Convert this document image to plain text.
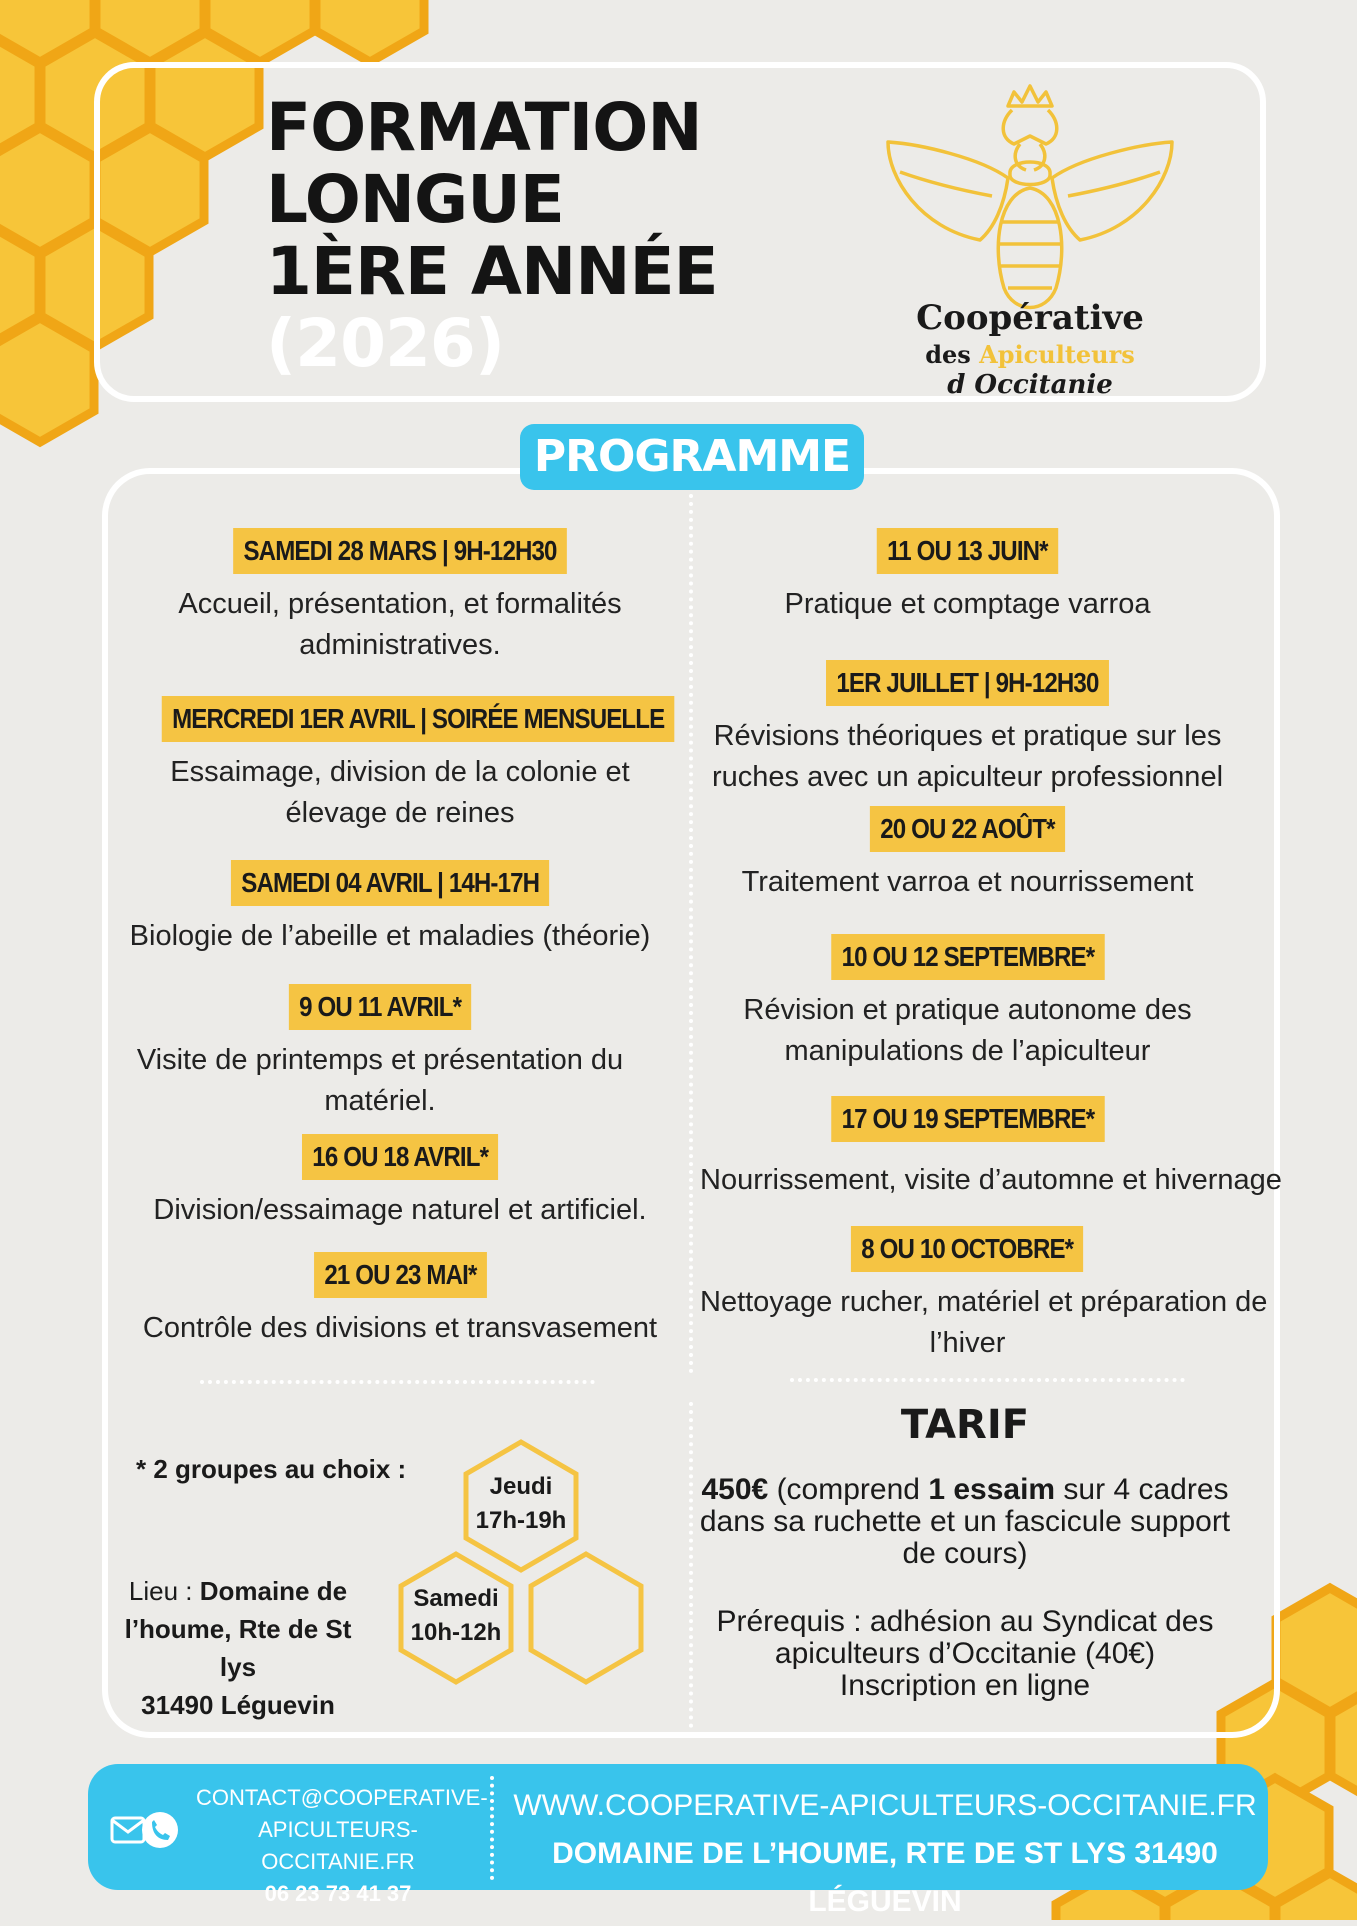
FORMATION
LONGUE
1ÈRE ANNÉE
(2026)	Coopérative
des Apiculteurs
d Occitanie
PROGRAMME
SAMEDI 28 MARS | 9H-12H30
Accueil, présentation, et formalités
administratives.
MERCREDI 1ER AVRIL | SOIRÉE MENSUELLE
Essaimage, division de la colonie et
élevage de reines
SAMEDI 04 AVRIL | 14H-17H
Biologie de l’abeille et maladies (théorie)
9 OU 11 AVRIL*
Visite de printemps et présentation du
matériel.
16 OU 18 AVRIL*
Division/essaimage naturel et artificiel.
21 OU 23 MAI*
Contrôle des divisions et transvasement
11 OU 13 JUIN*
Pratique et comptage varroa
1ER JUILLET | 9H-12H30
Révisions théoriques et pratique sur les
ruches avec un apiculteur professionnel
20 OU 22 AOÛT*
Traitement varroa et nourrissement
10 OU 12 SEPTEMBRE*
Révision et pratique autonome des
manipulations de l’apiculteur
17 OU 19 SEPTEMBRE*
Nourrissement, visite d’automne et hivernage
8 OU 10 OCTOBRE*
Nettoyage rucher, matériel et préparation de
l’hiver
* 2 groupes au choix :
Jeudi
17h-19h
Samedi
10h-12h
Lieu : Domaine de
l’houme, Rte de St lys
31490 Léguevin
TARIF
450€ (comprend 1 essaim sur 4 cadres
dans sa ruchette et un fascicule support
de cours)
Prérequis : adhésion au Syndicat des
apiculteurs d’Occitanie (40€)
Inscription en ligne
CONTACT@COOPERATIVE-
APICULTEURS-OCCITANIE.FR
06 23 73 41 37
WWW.COOPERATIVE-APICULTEURS-OCCITANIE.FR
DOMAINE DE L’HOUME, RTE DE ST LYS 31490 LÉGUEVIN
